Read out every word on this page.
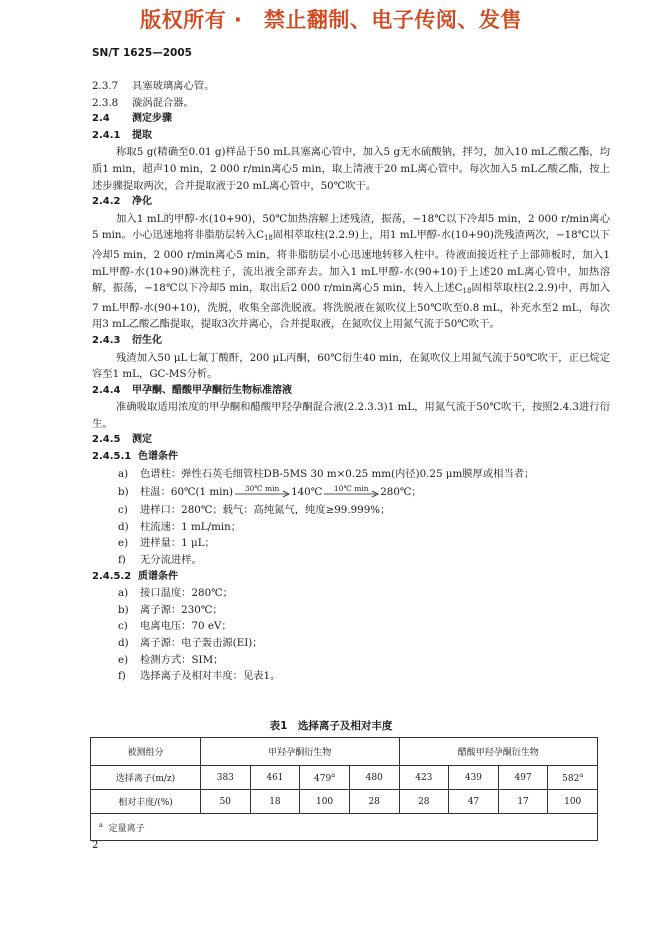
版权所有 ·　禁止翻制、电子传阅、发售
SN/T 1625—2005
2.3.7 具塞玻璃离心管。
2.3.8 漩涡混合器。
2.4 测定步骤
2.4.1 提取
称取5 g(精确至0.01 g)样品于50 mL具塞离心管中，加入5 g无水硫酸钠，拌匀，加入10 mL乙酸乙酯，均质1 min，超声10 min，2 000 r/min离心5 min，取上清液于20 mL离心管中。每次加入5 mL乙酸乙酯，按上述步骤提取两次，合并提取液于20 mL离心管中，50℃吹干。
2.4.2 净化
加入1 mL的甲醇-水(10+90)，50℃加热溶解上述残渣，振荡，−18℃以下冷却5 min，2 000 r/min离心5 min。小心迅速地将非脂肪层转入$C_{18}$固相萃取柱(2.2.9)上，用1 mL甲醇-水(10+90)洗残渣两次，−18℃以下冷却5 min，2 000 r/min离心5 min，将非脂肪层小心迅速地转移入柱中。待液面接近柱子上部筛板时，加入1 mL甲醇-水(10+90)淋洗柱子，流出液全部弃去。加入1 mL甲醇-水(90+10)于上述20 mL离心管中，加热溶解，振荡，−18℃以下冷却5 min，取出后2 000 r/min离心5 min，转入上述$C_{18}$固相萃取柱(2.2.9)中，再加入7 mL甲醇-水(90+10)，洗脱，收集全部洗脱液。将洗脱液在氮吹仪上50℃吹至0.8 mL，补充水至2 mL，每次用3 mL乙酸乙酯提取，提取3次并离心，合并提取液，在氮吹仪上用氮气流于50℃吹干。
2.4.3 衍生化
残渣加入50 μL七氟丁酸酐，200 μL丙酮，60℃衍生40 min，在氮吹仪上用氮气流于50℃吹干，正已烷定容至1 mL，GC-MS分析。
2.4.4 甲孕酮、醋酸甲孕酮衍生物标准溶液
准确吸取适用浓度的甲孕酮和醋酸甲羟孕酮混合液(2.2.3.3)1 mL，用氮气流于50℃吹干，按照2.4.3进行衍生。
2.4.5 测定
2.4.5.1 色谱条件
a) 色谱柱：弹性石英毛细管柱DB-5MS 30 m×0.25 mm(内径)0.25 μm膜厚或相当者；
b) 柱温：60℃(1 min)	30℃ min	140℃	10℃ min	280℃；
c) 进样口：280℃；载气：高纯氮气，纯度≥99.999%；
d) 柱流速：1 mL/min；
e) 进样量：1 μL；
f) 无分流进样。
2.4.5.2 质谱条件
a) 接口温度：280℃；
b) 离子源：230℃；
c) 电离电压：70 eV；
d) 离子源：电子轰击源(EI)；
e) 检测方式：SIM；
f) 选择离子及相对丰度：见表1。
表1　选择离子及相对丰度
被测组分	甲羟孕酮衍生物				醋酸甲羟孕酮衍生物			
选择离子(m/z)	383	461	479$^a$	480	423	439	497	582$^a$
相对丰度/(%)	50	18	100	28	28	47	17	100
$^a$ 定量离子								
2
